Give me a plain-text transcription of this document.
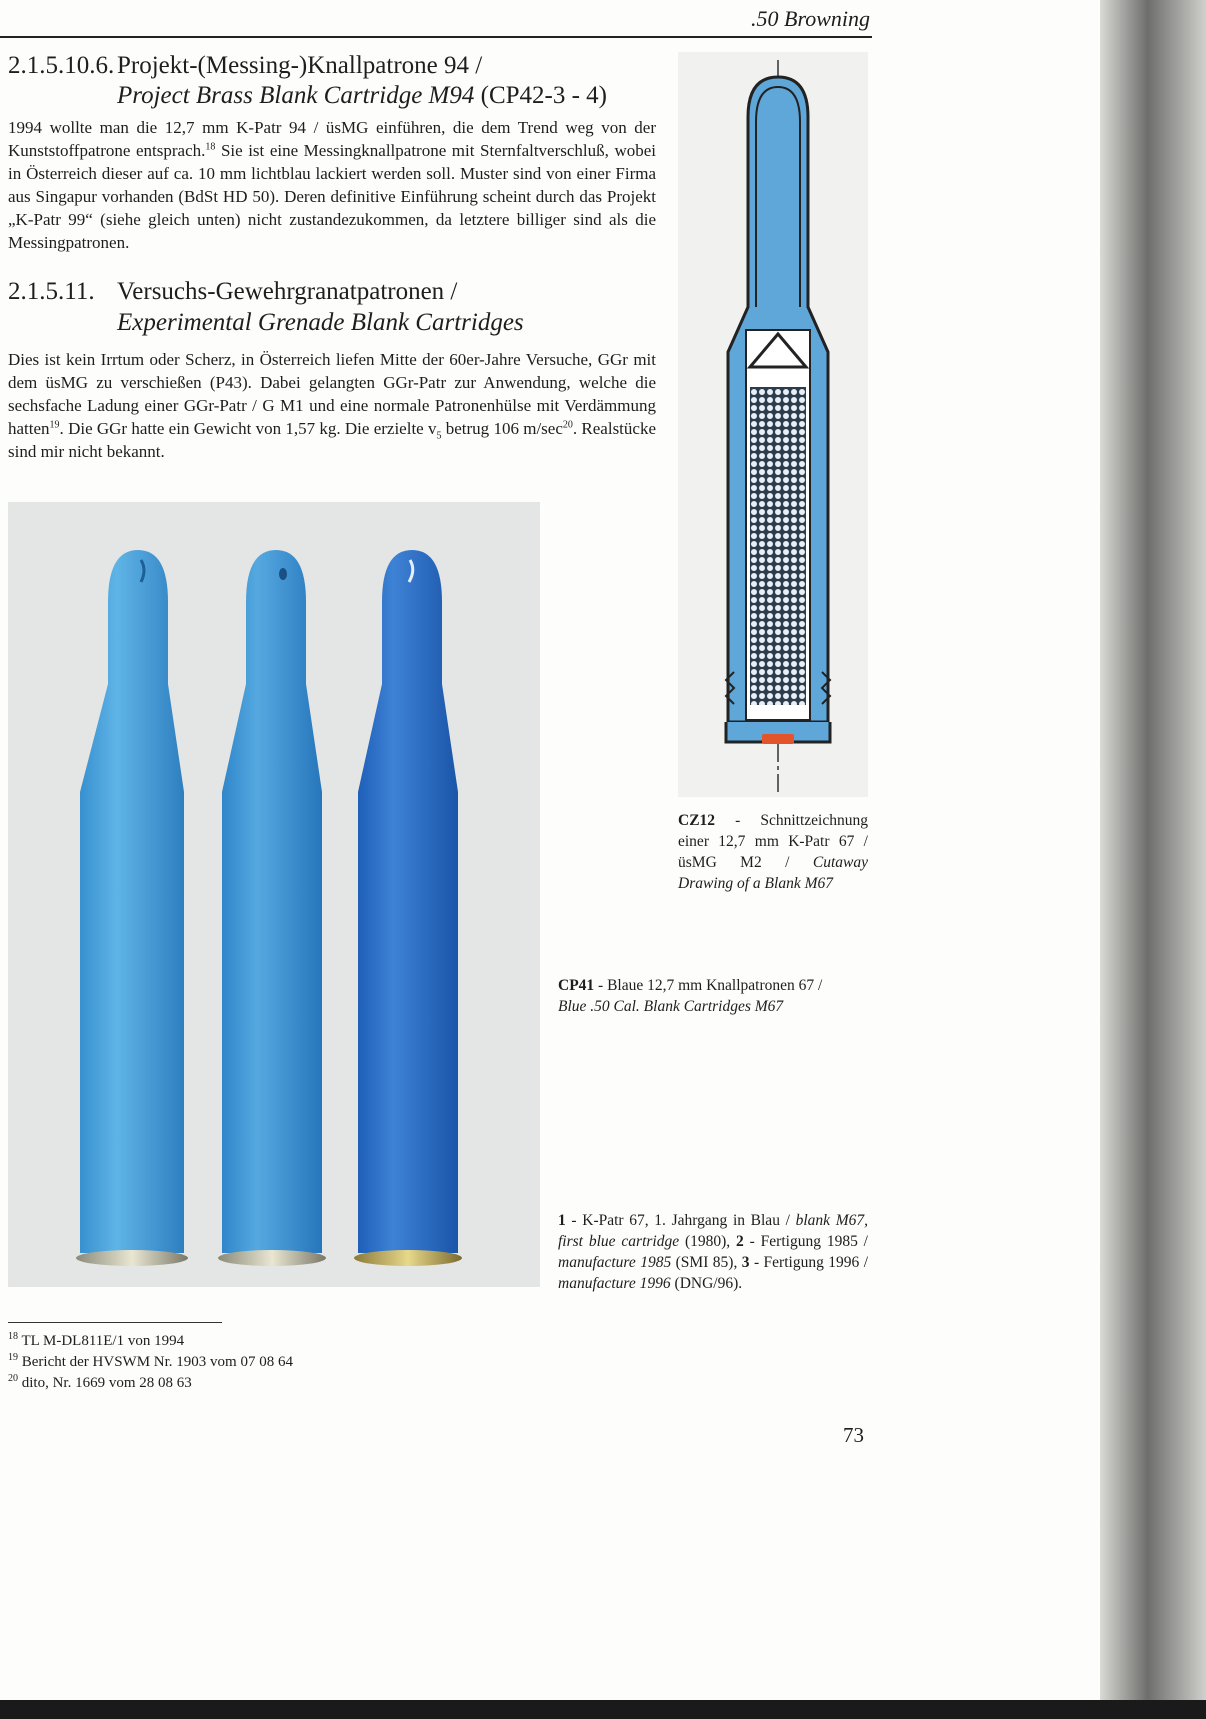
.50 Browning
2.1.5.10.6. Projekt-(Messing-)Knallpatrone 94 /
Project Brass Blank Cartridge M94 (CP42-3 - 4)

1994 wollte man die 12,7 mm K-Patr 94 / üsMG einführen, die dem Trend weg von der Kunststoffpatrone entsprach.$^{18}$ Sie ist eine Messingknallpatrone mit Sternfaltverschluß, wobei in Österreich dieser auf ca. 10 mm lichtblau lackiert werden soll. Muster sind von einer Firma aus Singapur vorhanden (BdSt HD 50). Deren definitive Einführung scheint durch das Projekt „K-Patr 99“ (siehe gleich unten) nicht zustandezukommen, da letztere billiger sind als die Messingpatronen.

2.1.5.11. Versuchs-Gewehrgranatpatronen /
Experimental Grenade Blank Cartridges

Dies ist kein Irrtum oder Scherz, in Österreich liefen Mitte der 60er-Jahre Versuche, GGr mit dem üsMG zu verschießen (P43). Dabei gelangten GGr-Patr zur Anwendung, welche die sechsfache Ladung einer GGr-Patr / G M1 und eine normale Patronenhülse mit Verdämmung hatten$^{19}$. Die GGr hatte ein Gewicht von 1,57 kg. Die erzielte $v_5$ betrug 106 $m/\sec^{20}$. Realstücke sind mir nicht bekannt.

CZ12 - Schnittzeichnung einer 12,7 mm K-Patr 67 / üsMG M2 / Cutaway Drawing of a Blank M67

CP41 - Blaue 12,7 mm Knallpatronen 67 /
Blue .50 Cal. Blank Cartridges M67

1 - K-Patr 67, 1. Jahrgang in Blau / blank M67, first blue cartridge (1980), 2 - Fertigung 1985 / manufacture 1985 (SMI 85), 3 - Fertigung 1996 / manufacture 1996 (DNG/96).

$^{18}$ TL M-DL811E/1 von 1994
$^{19}$ Bericht der HVSWM Nr. 1903 vom 07 08 64
$^{20}$ dito, Nr. 1669 vom 28 08 63
73
